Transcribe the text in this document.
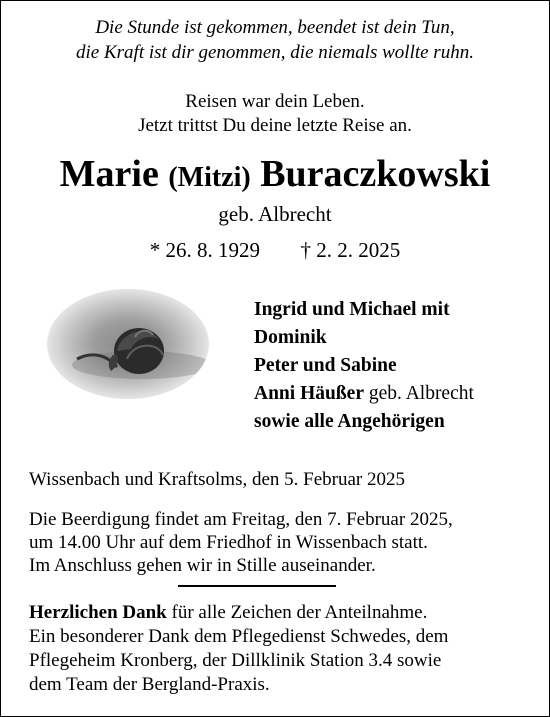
Die Stunde ist gekommen, beendet ist dein Tun,
die Kraft ist dir genommen, die niemals wollte ruhn.
Reisen war dein Leben.
Jetzt trittst Du deine letzte Reise an.
Marie (Mitzi) Buraczkowski
geb. Albrecht
* 26. 8. 1929 † 2. 2. 2025
Ingrid und Michael mit
Dominik
Peter und Sabine
Anni Häußer geb. Albrecht
sowie alle Angehörigen
Wissenbach und Kraftsolms, den 5. Februar 2025
Die Beerdigung findet am Freitag, den 7. Februar 2025,
um 14.00 Uhr auf dem Friedhof in Wissenbach statt.
Im Anschluss gehen wir in Stille auseinander.
Herzlichen Dank für alle Zeichen der Anteilnahme.
Ein besonderer Dank dem Pflegedienst Schwedes, dem
Pflegeheim Kronberg, der Dillklinik Station 3.4 sowie
dem Team der Bergland-Praxis.
